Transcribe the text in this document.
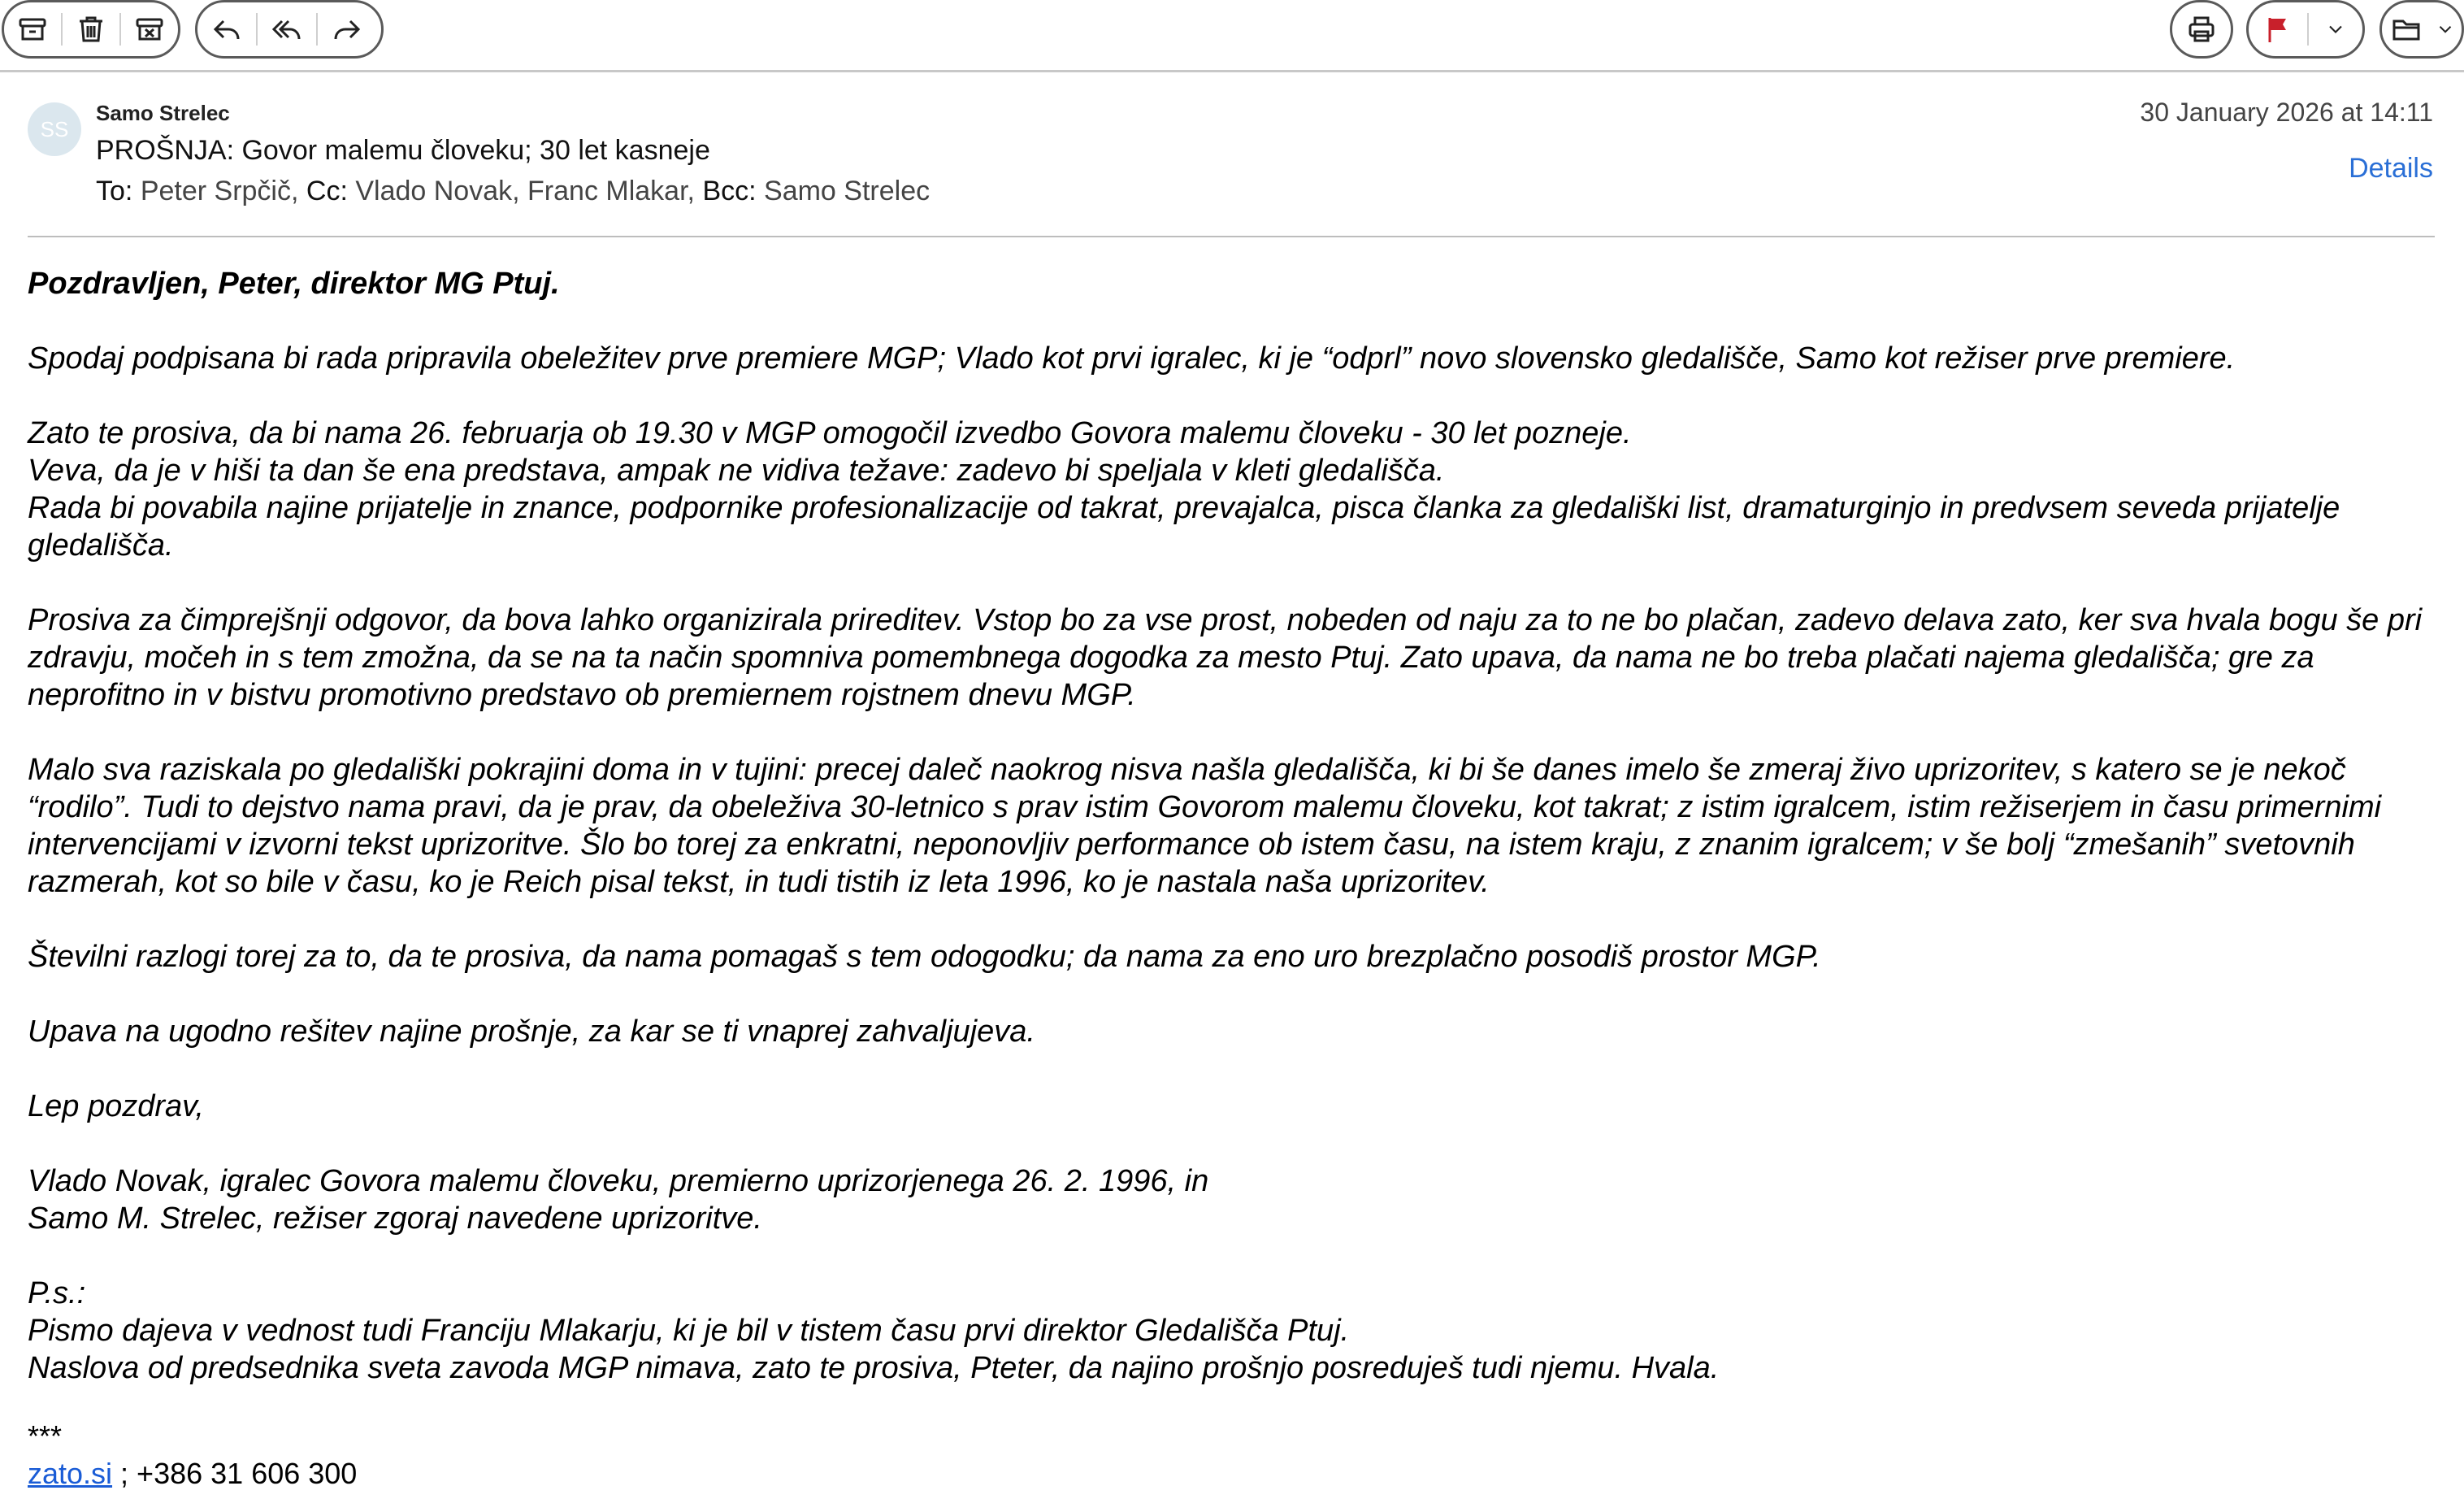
SS
Samo Strelec
PROŠNJA: Govor malemu človeku; 30 let kasneje
To: Peter Srpčič, Cc: Vlado Novak, Franc Mlakar, Bcc: Samo Strelec
30 January 2026 at 14:11
Details

Pozdravljen, Peter, direktor MG Ptuj.

Spodaj podpisana bi rada pripravila obeležitev prve premiere MGP; Vlado kot prvi igralec, ki je “odprl” novo slovensko gledališče, Samo kot režiser prve premiere.

Zato te prosiva, da bi nama 26. februarja ob 19.30 v MGP omogočil izvedbo Govora malemu človeku - 30 let pozneje.
Veva, da je v hiši ta dan še ena predstava, ampak ne vidiva težave: zadevo bi speljala v kleti gledališča.
Rada bi povabila najine prijatelje in znance, podpornike profesionalizacije od takrat, prevajalca, pisca članka za gledališki list, dramaturginjo in predvsem seveda prijatelje gledališča.

Prosiva za čimprejšnji odgovor, da bova lahko organizirala prireditev. Vstop bo za vse prost, nobeden od naju za to ne bo plačan, zadevo delava zato, ker sva hvala bogu še pri zdravju, močeh in s tem zmožna, da se na ta način spomniva pomembnega dogodka za mesto Ptuj. Zato upava, da nama ne bo treba plačati najema gledališča; gre za neprofitno in v bistvu promotivno predstavo ob premiernem rojstnem dnevu MGP.

Malo sva raziskala po gledališki pokrajini doma in v tujini: precej daleč naokrog nisva našla gledališča, ki bi še danes imelo še zmeraj živo uprizoritev, s katero se je nekoč “rodilo”. Tudi to dejstvo nama pravi, da je prav, da obeleživa 30-letnico s prav istim Govorom malemu človeku, kot takrat; z istim igralcem, istim režiserjem in času primernimi intervencijami v izvorni tekst uprizoritve. Šlo bo torej za enkratni, neponovljiv performance ob istem času, na istem kraju, z znanim igralcem; v še bolj “zmešanih” svetovnih razmerah, kot so bile v času, ko je Reich pisal tekst, in tudi tistih iz leta 1996, ko je nastala naša uprizoritev.

Številni razlogi torej za to, da te prosiva, da nama pomagaš s tem odogodku; da nama za eno uro brezplačno posodiš prostor MGP.

Upava na ugodno rešitev najine prošnje, za kar se ti vnaprej zahvaljujeva.

Lep pozdrav,

Vlado Novak, igralec Govora malemu človeku, premierno uprizorjenega 26. 2. 1996, in
Samo M. Strelec, režiser zgoraj navedene uprizoritve.

P.s.:
Pismo dajeva v vednost tudi Franciju Mlakarju, ki je bil v tistem času prvi direktor Gledališča Ptuj.
Naslova od predsednika sveta zavoda MGP nimava, zato te prosiva, Pteter, da najino prošnjo posreduješ tudi njemu. Hvala.

***
zato.si ; +386 31 606 300
